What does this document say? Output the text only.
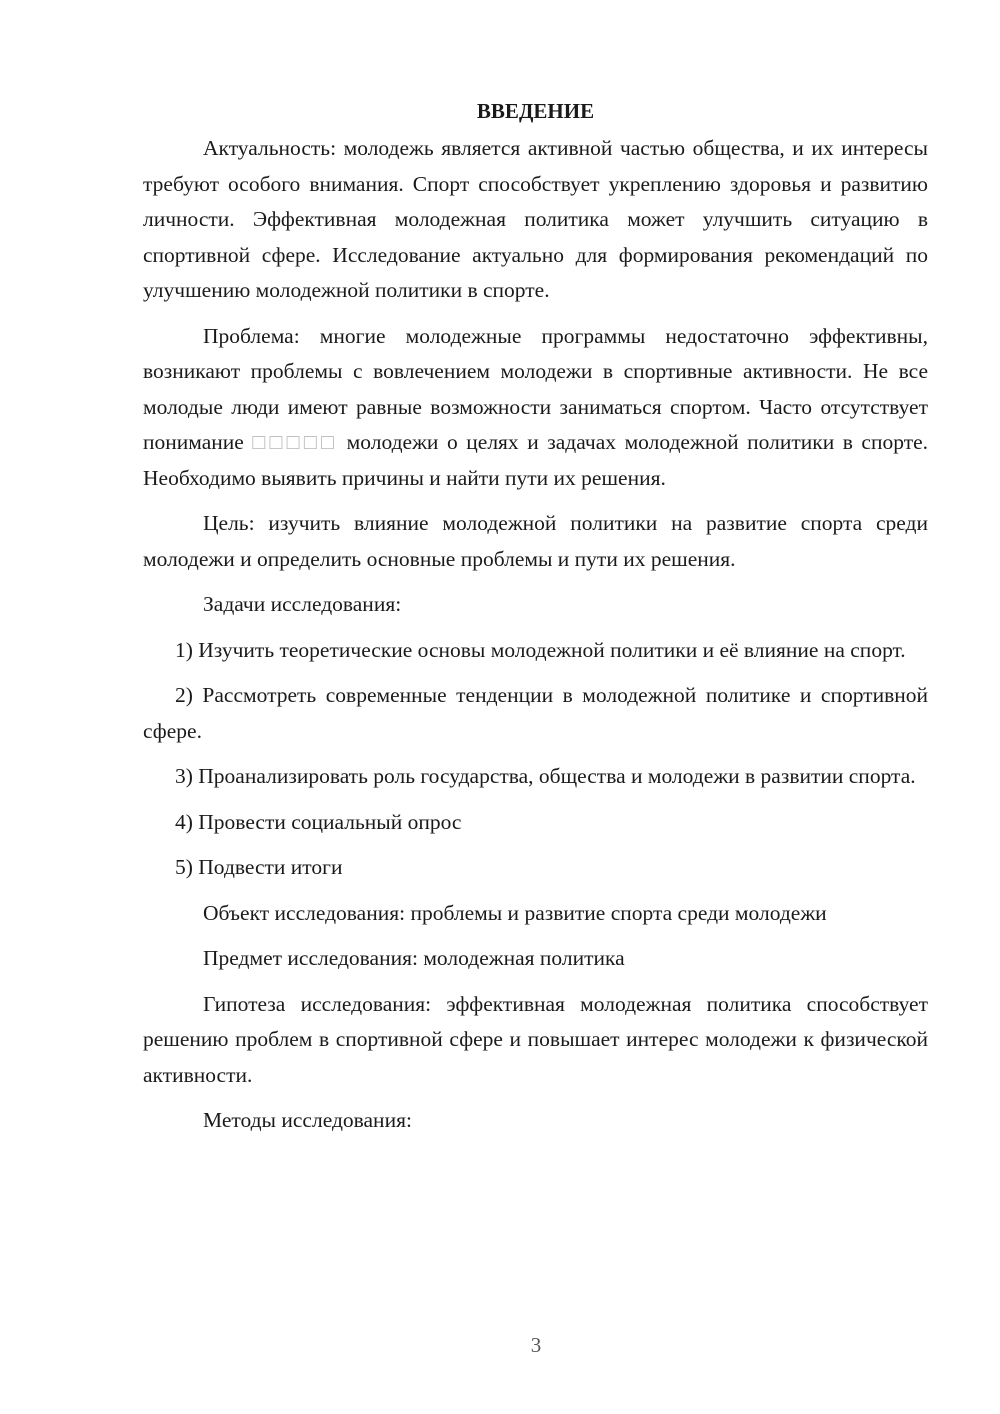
ВВЕДЕНИЕ

Актуальность: молодежь является активной частью общества, и их интересы требуют особого внимания. Спорт способствует укреплению здоровья и развитию личности. Эффективная молодежная политика может улучшить ситуацию в спортивной сфере. Исследование актуально для формирования рекомендаций по улучшению молодежной политики в спорте.

Проблема: многие молодежные программы недостаточно эффективны, возникают проблемы с вовлечением молодежи в спортивные активности. Не все молодые люди имеют равные возможности заниматься спортом. Часто отсутствует понимание □□□□□ молодежи о целях и задачах молодежной политики в спорте. Необходимо выявить причины и найти пути их решения.

Цель: изучить влияние молодежной политики на развитие спорта среди молодежи и определить основные проблемы и пути их решения.

Задачи исследования:

1) Изучить теоретические основы молодежной политики и её влияние на спорт.

2) Рассмотреть современные тенденции в молодежной политике и спортивной сфере.

3) Проанализировать роль государства, общества и молодежи в развитии спорта.

4) Провести социальный опрос

5) Подвести итоги

Объект исследования: проблемы и развитие спорта среди молодежи

Предмет исследования: молодежная политика

Гипотеза исследования: эффективная молодежная политика способствует решению проблем в спортивной сфере и повышает интерес молодежи к физической активности.

Методы исследования:

3
